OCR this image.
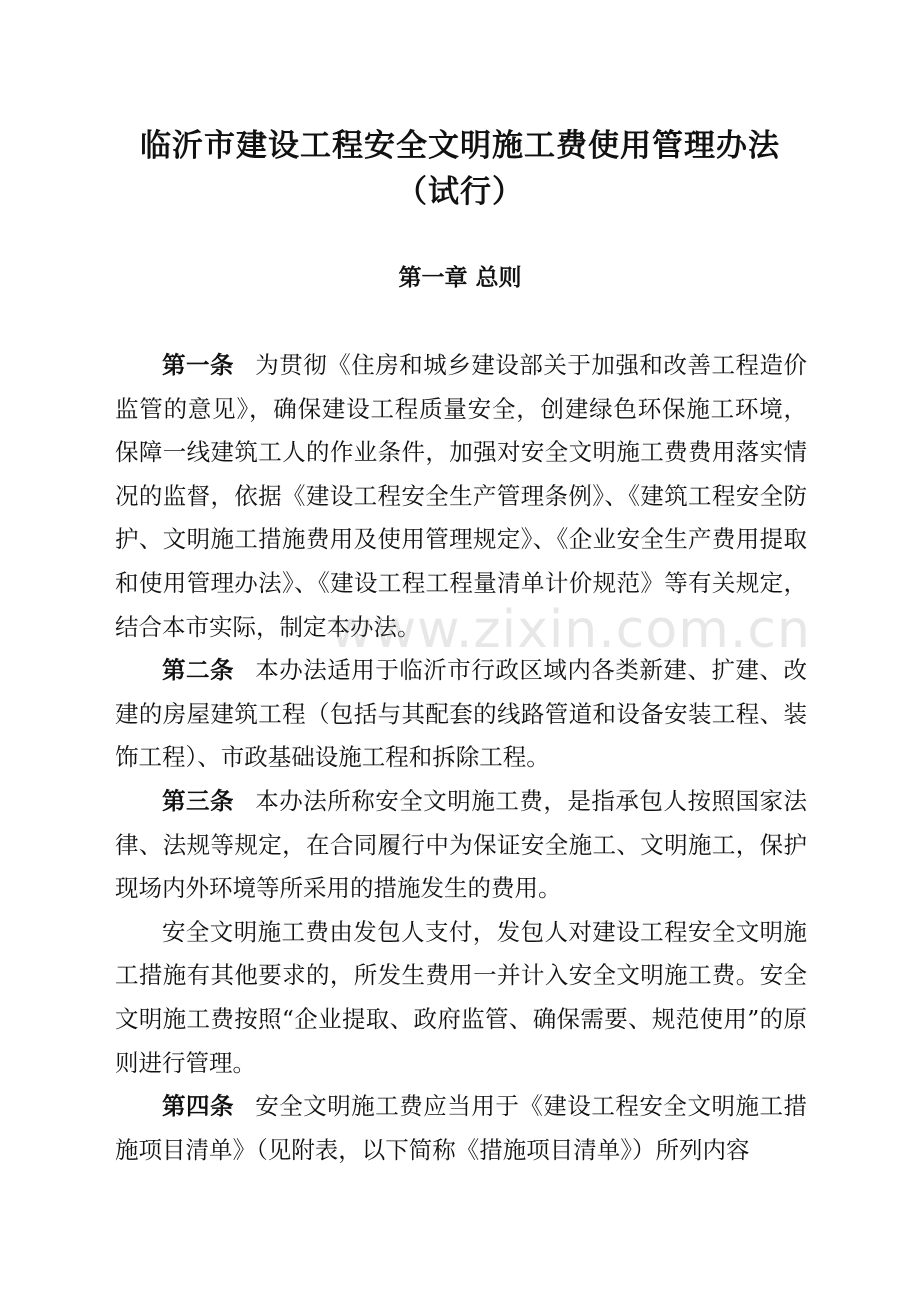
临沂市建设工程安全文明施工费使用管理办法
（试行）
第一章 总则

第一条 为贯彻《住房和城乡建设部关于加强和改善工程造价监管的意见》，确保建设工程质量安全，创建绿色环保施工环境，保障一线建筑工人的作业条件，加强对安全文明施工费费用落实情况的监督，依据《建设工程安全生产管理条例》、《建筑工程安全防护、文明施工措施费用及使用管理规定》、《企业安全生产费用提取和使用管理办法》、《建设工程工程量清单计价规范》等有关规定，结合本市实际，制定本办法。

第二条 本办法适用于临沂市行政区域内各类新建、扩建、改建的房屋建筑工程（包括与其配套的线路管道和设备安装工程、装饰工程）、市政基础设施工程和拆除工程。

第三条 本办法所称安全文明施工费，是指承包人按照国家法律、法规等规定，在合同履行中为保证安全施工、文明施工，保护现场内外环境等所采用的措施发生的费用。

安全文明施工费由发包人支付，发包人对建设工程安全文明施工措施有其他要求的，所发生费用一并计入安全文明施工费。安全文明施工费按照“企业提取、政府监管、确保需要、规范使用”的原则进行管理。

第四条 安全文明施工费应当用于《建设工程安全文明施工措施项目清单》（见附表，以下简称《措施项目清单》）所列内容

www.zixin.com.cn
